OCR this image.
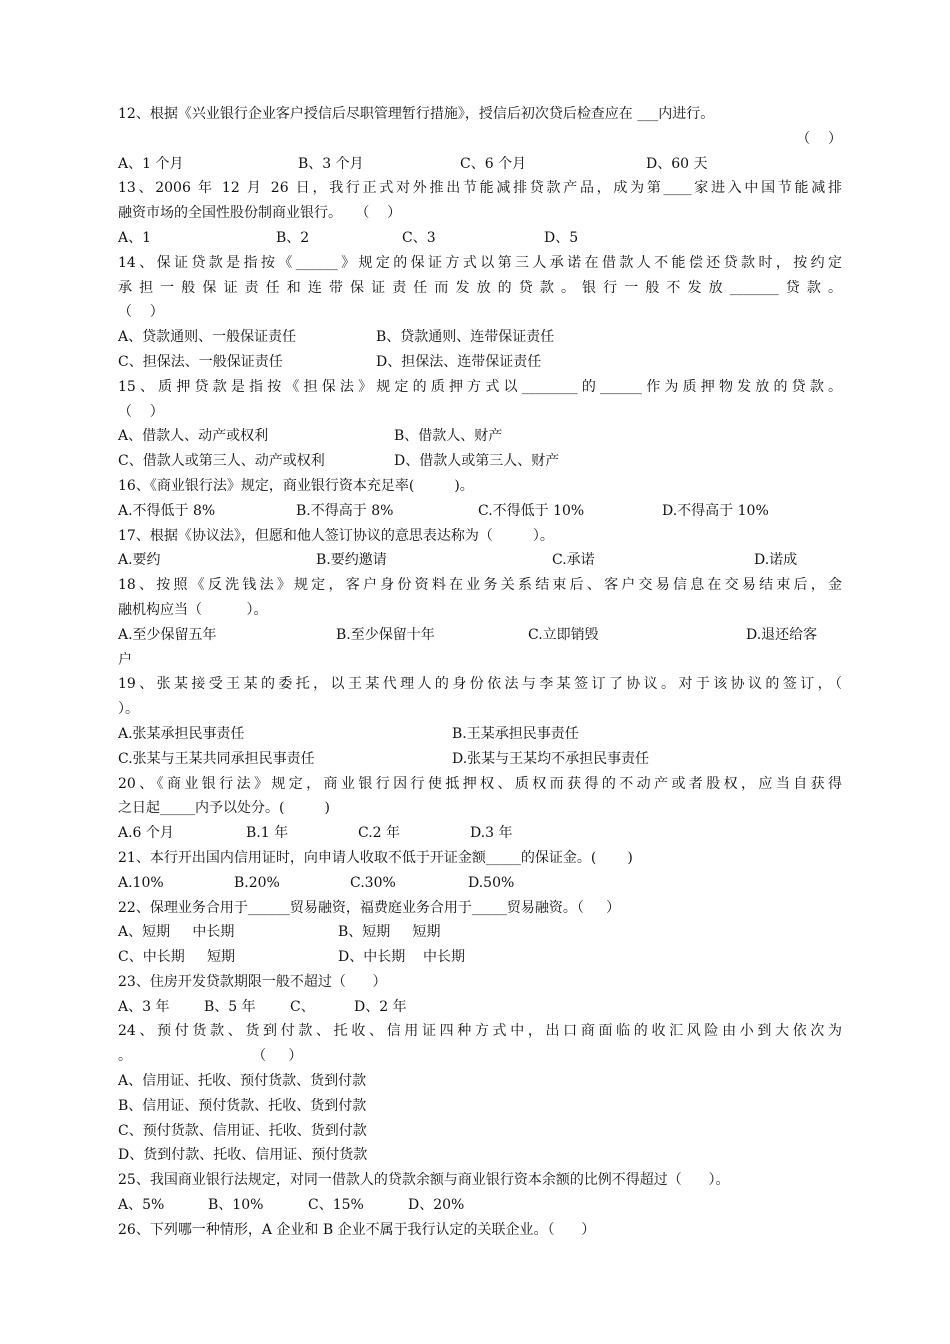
12、根据《兴业银行企业客户授信后尽职管理暂行措施》，授信后初次贷后检查应在 ___内进行。
（    ）

A、1 个月

	B、3 个月

	C、6 个月

	D、60 天

13、2006 年 12 月 26 日，我行正式对外推出节能减排贷款产品，成为第____家进入中国节能减排
融资市场的全国性股份制商业银行。   （    ）

A、1

	B、2

	C、3

	D、5

14、保证贷款是指按《______》规定的保证方式以第三人承诺在借款人不能偿还贷款时，按约定
承担一般保证责任和连带保证责任而发放的贷款。银行一般不发放_______贷款。
（    ）

A、贷款通则、一般保证责任

	B、贷款通则、连带保证责任

C、担保法、一般保证责任

	D、担保法、连带保证责任

15、质押贷款是指按《担保法》规定的质押方式以________的______作为质押物发放的贷款。
（    ）

A、借款人、动产或权利

	B、借款人、财产

C、借款人或第三人、动产或权利

	D、借款人或第三人、财产

16、《商业银行法》规定，商业银行资本充足率(         )。

A.不得低于 8%

	B.不得高于 8%

	C.不得低于 10%

	D.不得高于 10%

17、根据《协议法》，但愿和他人签订协议的意思表达称为（         ）。

A.要约

	B.要约邀请

	C.承诺

	D.诺成

18、按照《反洗钱法》规定，客户身份资料在业务关系结束后、客户交易信息在交易结束后，金
融机构应当（          ）。

A.至少保留五年

	B.至少保留十年

	C.立即销毁

	D.退还给客

户
19、张某接受王某的委托，以王某代理人的身份依法与李某签订了协议。对于该协议的签订，（
）。

A.张某承担民事责任

	B.王某承担民事责任

C.张某与王某共同承担民事责任

	D.张某与王某均不承担民事责任

20、《商业银行法》规定，商业银行因行使抵押权、质权而获得的不动产或者股权，应当自获得
之日起_____内予以处分。(         )

A.6 个月

	B.1 年

	C.2 年

	D.3 年

21、本行开出国内信用证时，向申请人收取不低于开证金额_____的保证金。(       )

A.10%

	B.20%

	C.30%

	D.50%

22、保理业务合用于______贸易融资，福费庭业务合用于_____贸易融资。（     ）

A、短期     中长期

	B、短期     短期

C、中长期     短期

	D、中长期    中长期

23、住房开发贷款期限一般不超过（      ）

A、3 年

B、5 年

C、

	D、2 年

24、预付货款、货到付款、托收、信用证四种方式中，出口商面临的收汇风险由小到大依次为
。                           （     ）
A、信用证、托收、预付货款、货到付款
B、信用证、预付货款、托收、货到付款
C、预付货款、信用证、托收、货到付款
D、货到付款、托收、信用证、预付货款
25、我国商业银行法规定，对同一借款人的贷款余额与商业银行资本余额的比例不得超过（      ）。

A、5%

	B、10%

	C、15%

	D、20%

26、下列哪一种情形，A 企业和 B 企业不属于我行认定的关联企业。（      ）
